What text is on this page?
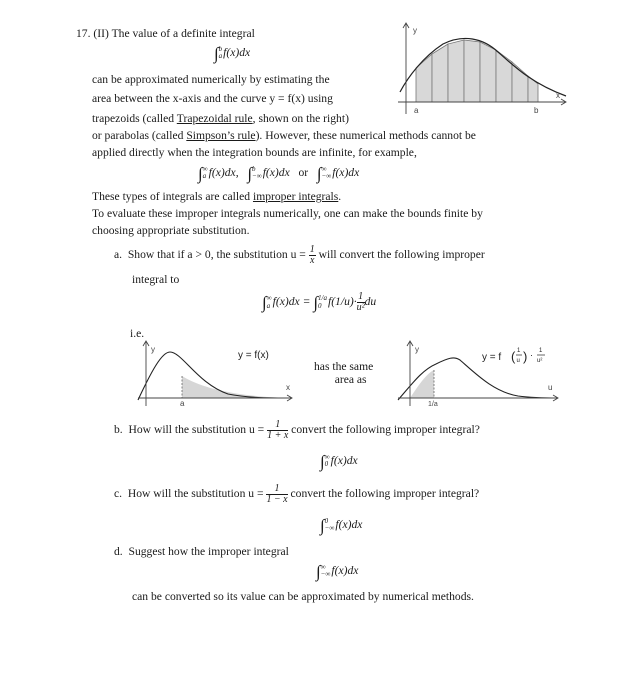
17. (II) The value of a definite integral
∫ b
a f(x)dx
can be approximated numerically by estimating the
area between the x-axis and the curve y = f(x) using
trapezoids (called Trapezoidal rule, shown on the right)
or parabolas (called Simpson’s rule). However, these numerical methods cannot be
applied directly when the integration bounds are infinite, for example,
∫ ∞
a f(x)dx, ∫ b
−∞ f(x)dx or ∫ ∞
−∞ f(x)dx
These types of integrals are called improper integrals.
To evaluate these improper integrals numerically, one can make the bounds finite by
choosing appropriate substitution.
y
x
a	b
a. Show that if a > 0, the substitution $u = \frac{1}{x}$ will convert the following improper
integral to
∫ ∞
a f(x)dx = ∫ 1/a
0 $f(1/u)\cdot \frac{1}{\text{u²}}$ du
i.e.
y
x
a
y = f(x)
has the same
area as
y
u
1/a
y = f ( 1
u ) · 1
u²
b. How will the substitution $u = \frac{1}{1 + x}$ convert the following improper integral?
∫ ∞
0 f(x)dx
c. How will the substitution $u = \frac{1}{1 - x}$ convert the following improper integral?
∫ 0
−∞ f(x)dx
d. Suggest how the improper integral
∫ ∞
−∞ f(x)dx
can be converted so its value can be approximated by numerical methods.
